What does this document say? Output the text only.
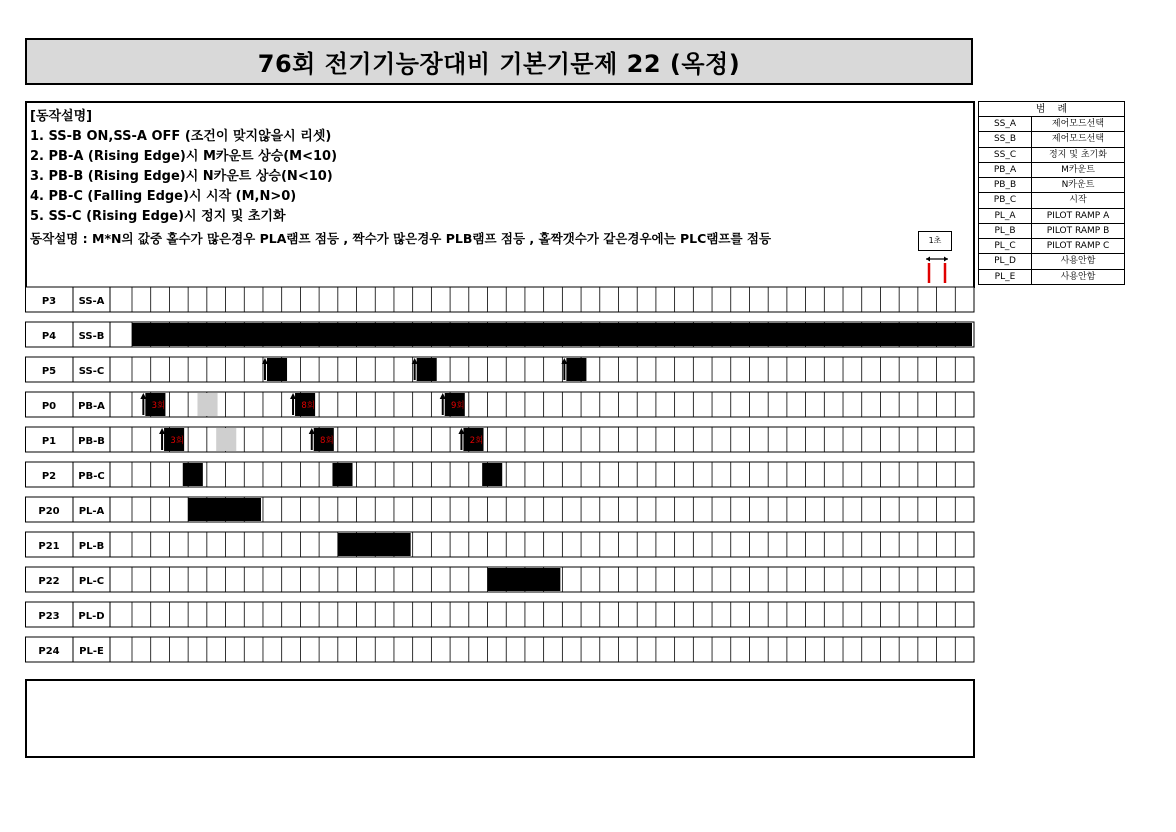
76회 전기기능장대비 기본기문제 22 (옥정)
[동작설명]
1. SS-B ON,SS-A OFF (조건이 맞지않을시 리셋)
2. PB-A (Rising Edge)시 M카운트 상승(M<10)
3. PB-B (Rising Edge)시 N카운트 상승(N<10)
4. PB-C (Falling Edge)시 시작 (M,N>0)
5. SS-C (Rising Edge)시 정지 및 초기화
동작설명 : M*N의 값중 홀수가 많은경우 PLA램프 점등 , 짝수가 많은경우 PLB램프 점등 , 홀짝갯수가 같은경우에는 PLC램프를 점등	1초
범례
SS_A	제어모드선택
SS_B	제어모드선택
SS_C	정지 및 초기화
PB_A	M카운트
PB_B	N카운트
PB_C	시작
PL_A	PILOT RAMP A
PL_B	PILOT RAMP B
PL_C	PILOT RAMP C
PL_D	사용안함
PL_E	사용안함
P3 SS-A
P4 SS-B
P5 SS-C
P0 PB-A	3회	8회	9회
P1 PB-B	3회	8회	2회
P2 PB-C
P20 PL-A
P21 PL-B
P22 PL-C
P23 PL-D
P24 PL-E
